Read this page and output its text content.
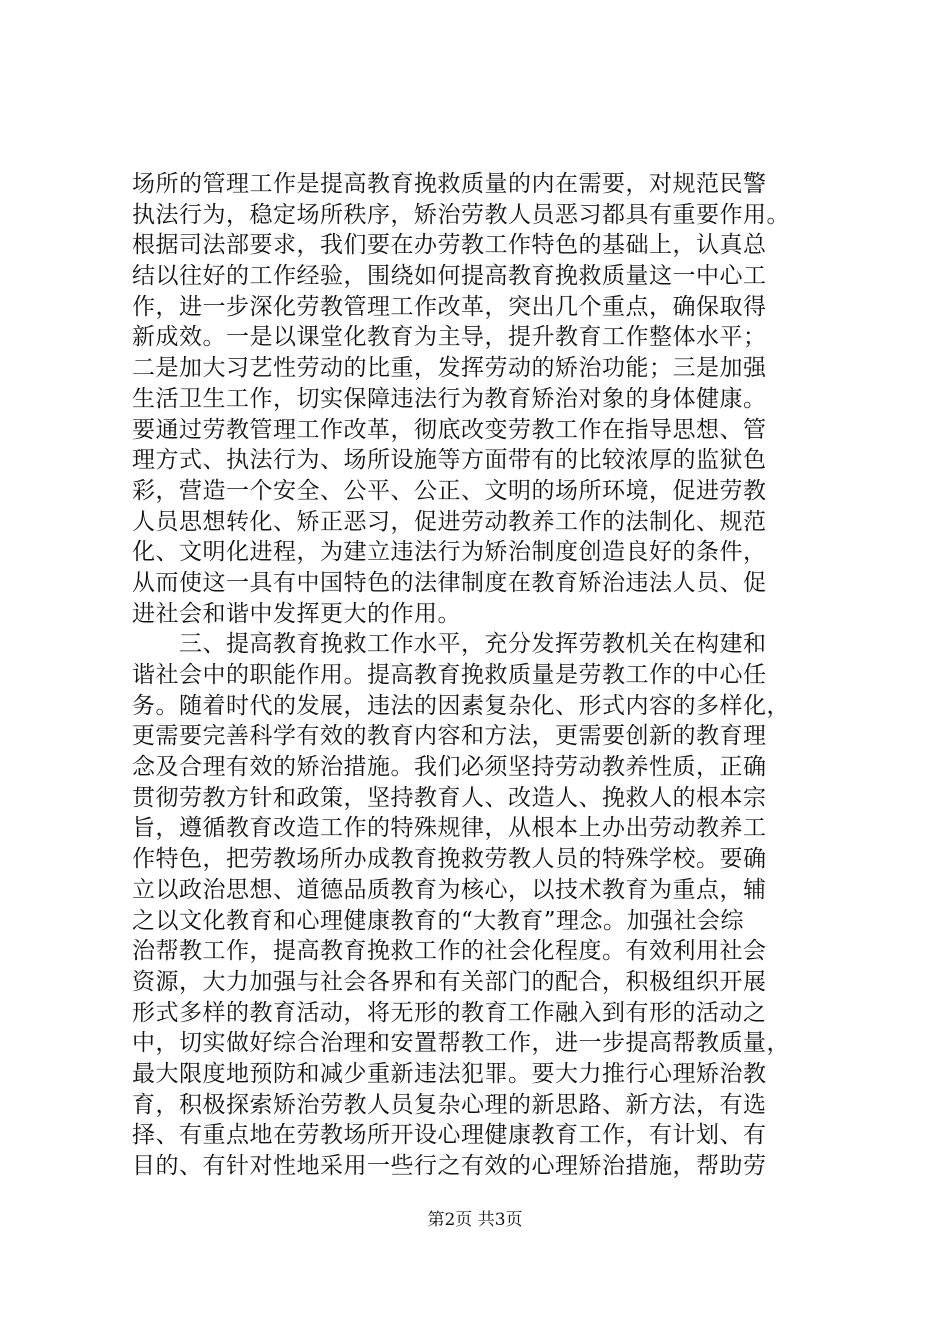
场所的管理工作是提高教育挽救质量的内在需要，对规范民警
执法行为，稳定场所秩序，矫治劳教人员恶习都具有重要作用。
根据司法部要求，我们要在办劳教工作特色的基础上，认真总
结以往好的工作经验，围绕如何提高教育挽救质量这一中心工
作，进一步深化劳教管理工作改革，突出几个重点，确保取得
新成效。一是以课堂化教育为主导，提升教育工作整体水平；
二是加大习艺性劳动的比重，发挥劳动的矫治功能；三是加强
生活卫生工作，切实保障违法行为教育矫治对象的身体健康。
要通过劳教管理工作改革，彻底改变劳教工作在指导思想、管
理方式、执法行为、场所设施等方面带有的比较浓厚的监狱色
彩，营造一个安全、公平、公正、文明的场所环境，促进劳教
人员思想转化、矫正恶习，促进劳动教养工作的法制化、规范
化、文明化进程，为建立违法行为矫治制度创造良好的条件，
从而使这一具有中国特色的法律制度在教育矫治违法人员、促
进社会和谐中发挥更大的作用。
　　三、提高教育挽救工作水平，充分发挥劳教机关在构建和
谐社会中的职能作用。提高教育挽救质量是劳教工作的中心任
务。随着时代的发展，违法的因素复杂化、形式内容的多样化，
更需要完善科学有效的教育内容和方法，更需要创新的教育理
念及合理有效的矫治措施。我们必须坚持劳动教养性质，正确
贯彻劳教方针和政策，坚持教育人、改造人、挽救人的根本宗
旨，遵循教育改造工作的特殊规律，从根本上办出劳动教养工
作特色，把劳教场所办成教育挽救劳教人员的特殊学校。要确
立以政治思想、道德品质教育为核心，以技术教育为重点，辅
之以文化教育和心理健康教育的“大教育”理念。加强社会综
治帮教工作，提高教育挽救工作的社会化程度。有效利用社会
资源，大力加强与社会各界和有关部门的配合，积极组织开展
形式多样的教育活动，将无形的教育工作融入到有形的活动之
中，切实做好综合治理和安置帮教工作，进一步提高帮教质量，
最大限度地预防和减少重新违法犯罪。要大力推行心理矫治教
育，积极探索矫治劳教人员复杂心理的新思路、新方法，有选
择、有重点地在劳教场所开设心理健康教育工作，有计划、有
目的、有针对性地采用一些行之有效的心理矫治措施，帮助劳
第2页 共3页
